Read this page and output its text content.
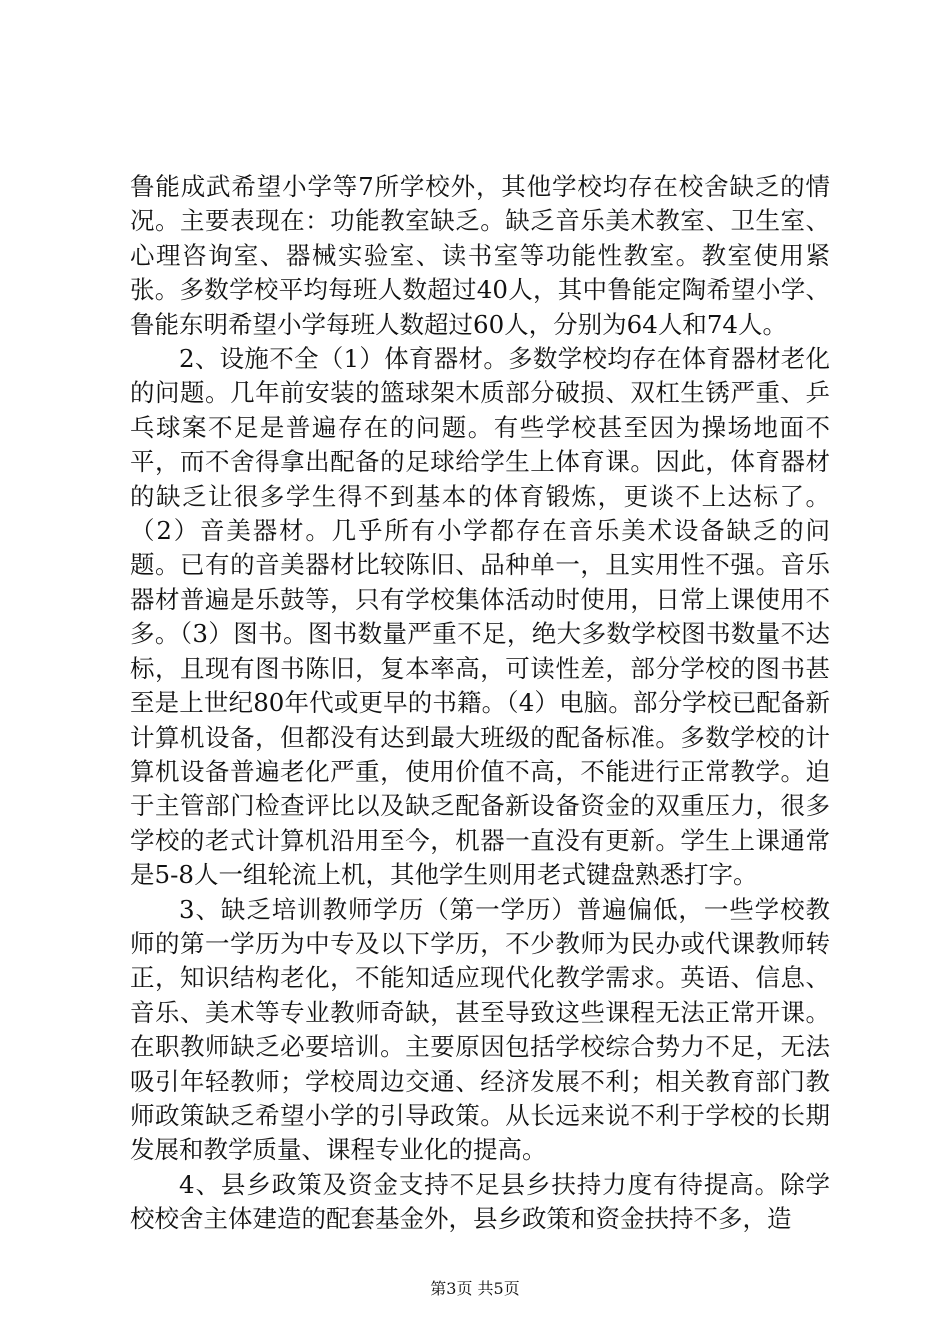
鲁能成武希望小学等7所学校外，其他学校均存在校舍缺乏的情况。主要表现在：功能教室缺乏。缺乏音乐美术教室、卫生室、心理咨询室、器械实验室、读书室等功能性教室。教室使用紧张。多数学校平均每班人数超过40人，其中鲁能定陶希望小学、鲁能东明希望小学每班人数超过60人，分别为64人和74人。

2、设施不全（1）体育器材。多数学校均存在体育器材老化的问题。几年前安装的篮球架木质部分破损、双杠生锈严重、乒乓球案不足是普遍存在的问题。有些学校甚至因为操场地面不平，而不舍得拿出配备的足球给学生上体育课。因此，体育器材的缺乏让很多学生得不到基本的体育锻炼，更谈不上达标了。（2）音美器材。几乎所有小学都存在音乐美术设备缺乏的问题。已有的音美器材比较陈旧、品种单一，且实用性不强。音乐器材普遍是乐鼓等，只有学校集体活动时使用，日常上课使用不多。（3）图书。图书数量严重不足，绝大多数学校图书数量不达标，且现有图书陈旧，复本率高，可读性差，部分学校的图书甚至是上世纪80年代或更早的书籍。（4）电脑。部分学校已配备新计算机设备，但都没有达到最大班级的配备标准。多数学校的计算机设备普遍老化严重，使用价值不高，不能进行正常教学。迫于主管部门检查评比以及缺乏配备新设备资金的双重压力，很多学校的老式计算机沿用至今，机器一直没有更新。学生上课通常是5-8人一组轮流上机，其他学生则用老式键盘熟悉打字。

3、缺乏培训教师学历（第一学历）普遍偏低，一些学校教师的第一学历为中专及以下学历，不少教师为民办或代课教师转正，知识结构老化，不能知适应现代化教学需求。英语、信息、音乐、美术等专业教师奇缺，甚至导致这些课程无法正常开课。在职教师缺乏必要培训。主要原因包括学校综合势力不足，无法吸引年轻教师；学校周边交通、经济发展不利；相关教育部门教师政策缺乏希望小学的引导政策。从长远来说不利于学校的长期发展和教学质量、课程专业化的提高。

4、县乡政策及资金支持不足县乡扶持力度有待提高。除学校校舍主体建造的配套基金外，县乡政策和资金扶持不多，造

第3页 共5页
